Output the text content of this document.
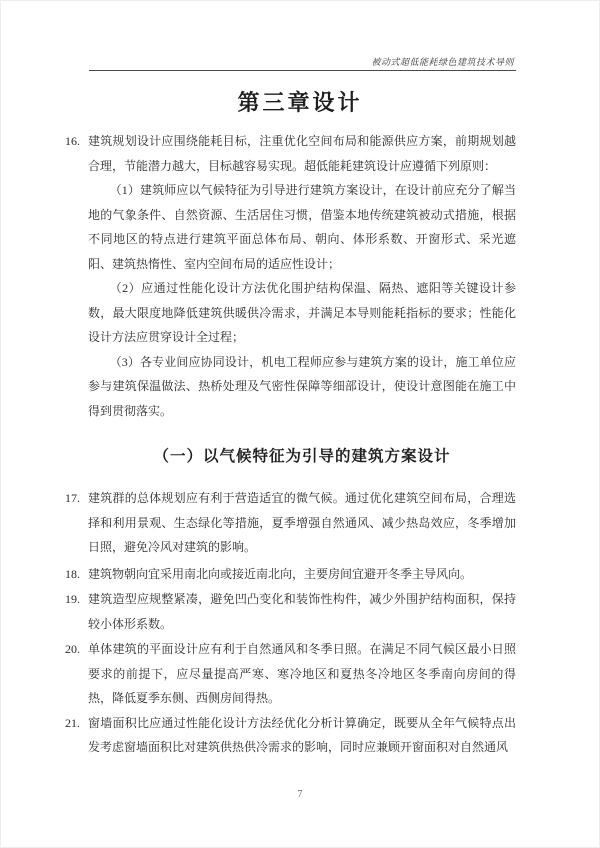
被动式超低能耗绿色建筑技术导则
第三章设计
16. 建筑规划设计应围绕能耗目标，注重优化空间布局和能源供应方案，前期规划越合理，节能潜力越大，目标越容易实现。超低能耗建筑设计应遵循下列原则：

（1）建筑师应以气候特征为引导进行建筑方案设计，在设计前应充分了解当地的气象条件、自然资源、生活居住习惯，借鉴本地传统建筑被动式措施，根据不同地区的特点进行建筑平面总体布局、朝向、体形系数、开窗形式、采光遮阳、建筑热惰性、室内空间布局的适应性设计；

（2）应通过性能化设计方法优化围护结构保温、隔热、遮阳等关键设计参数，最大限度地降低建筑供暖供冷需求，并满足本导则能耗指标的要求；性能化设计方法应贯穿设计全过程；

（3）各专业间应协同设计，机电工程师应参与建筑方案的设计，施工单位应参与建筑保温做法、热桥处理及气密性保障等细部设计，使设计意图能在施工中得到贯彻落实。

（一）以气候特征为引导的建筑方案设计
17. 建筑群的总体规划应有利于营造适宜的微气候。通过优化建筑空间布局，合理选择和利用景观、生态绿化等措施，夏季增强自然通风、减少热岛效应，冬季增加日照，避免冷风对建筑的影响。

18. 建筑物朝向宜采用南北向或接近南北向，主要房间宜避开冬季主导风向。

19. 建筑造型应规整紧凑，避免凹凸变化和装饰性构件，减少外围护结构面积，保持较小体形系数。

20. 单体建筑的平面设计应有利于自然通风和冬季日照。在满足不同气候区最小日照要求的前提下，应尽量提高严寒、寒冷地区和夏热冬冷地区冬季南向房间的得热，降低夏季东侧、西侧房间得热。

21. 窗墙面积比应通过性能化设计方法经优化分析计算确定，既要从全年气候特点出发考虑窗墙面积比对建筑供热供冷需求的影响，同时应兼顾开窗面积对自然通风

7
